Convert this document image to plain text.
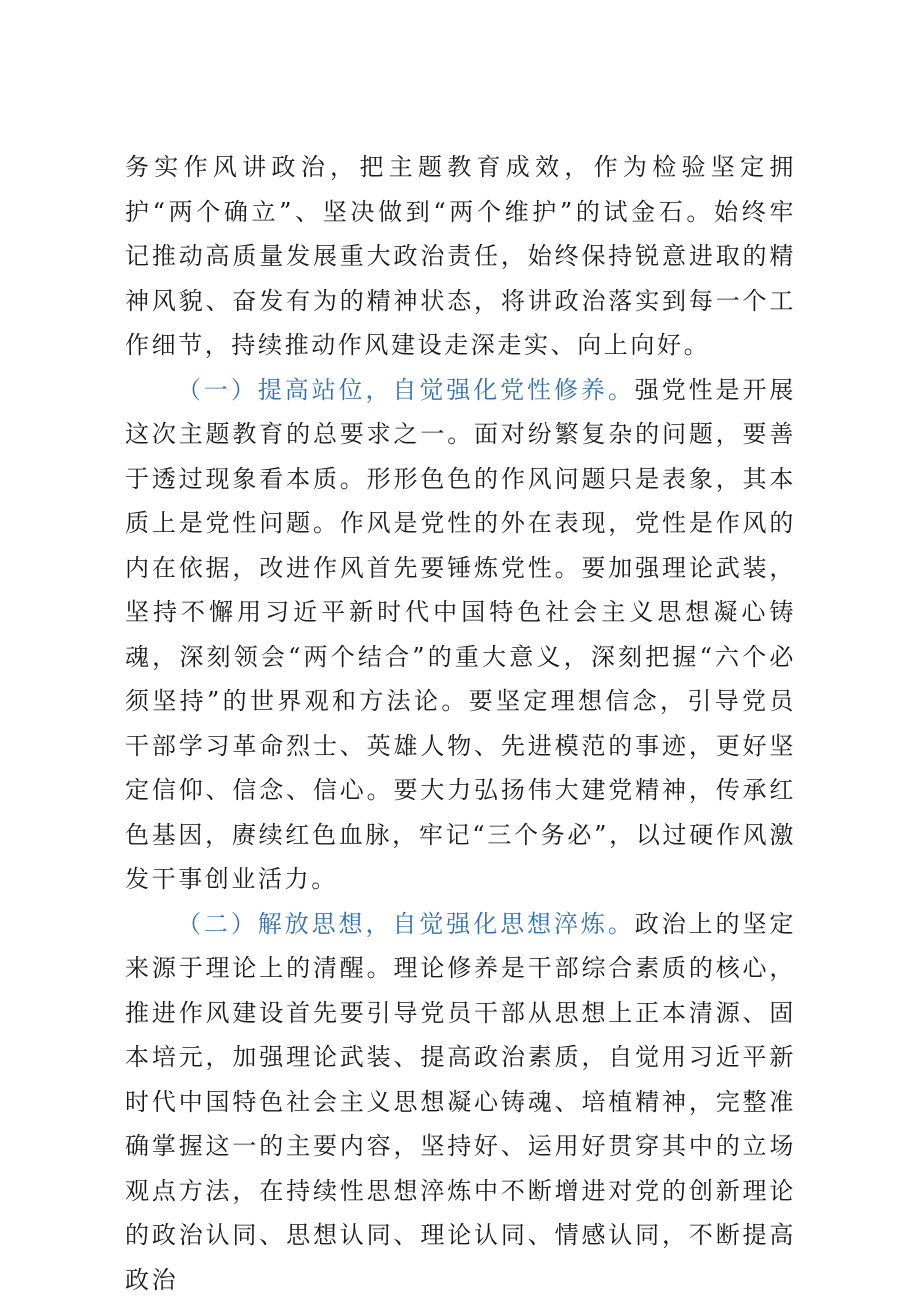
务实作风讲政治，把主题教育成效，作为检验坚定拥护“两个确立”、坚决做到“两个维护”的试金石。始终牢记推动高质量发展重大政治责任，始终保持锐意进取的精神风貌、奋发有为的精神状态，将讲政治落实到每一个工作细节，持续推动作风建设走深走实、向上向好。

（一）提高站位，自觉强化党性修养。强党性是开展这次主题教育的总要求之一。面对纷繁复杂的问题，要善于透过现象看本质。形形色色的作风问题只是表象，其本质上是党性问题。作风是党性的外在表现，党性是作风的内在依据，改进作风首先要锤炼党性。要加强理论武装，坚持不懈用习近平新时代中国特色社会主义思想凝心铸魂，深刻领会“两个结合”的重大意义，深刻把握“六个必须坚持”的世界观和方法论。要坚定理想信念，引导党员干部学习革命烈士、英雄人物、先进模范的事迹，更好坚定信仰、信念、信心。要大力弘扬伟大建党精神，传承红色基因，赓续红色血脉，牢记“三个务必”，以过硬作风激发干事创业活力。

（二）解放思想，自觉强化思想淬炼。政治上的坚定来源于理论上的清醒。理论修养是干部综合素质的核心，推进作风建设首先要引导党员干部从思想上正本清源、固本培元，加强理论武装、提高政治素质，自觉用习近平新时代中国特色社会主义思想凝心铸魂、培植精神，完整准确掌握这一的主要内容，坚持好、运用好贯穿其中的立场观点方法，在持续性思想淬炼中不断增进对党的创新理论的政治认同、思想认同、理论认同、情感认同，不断提高政治
